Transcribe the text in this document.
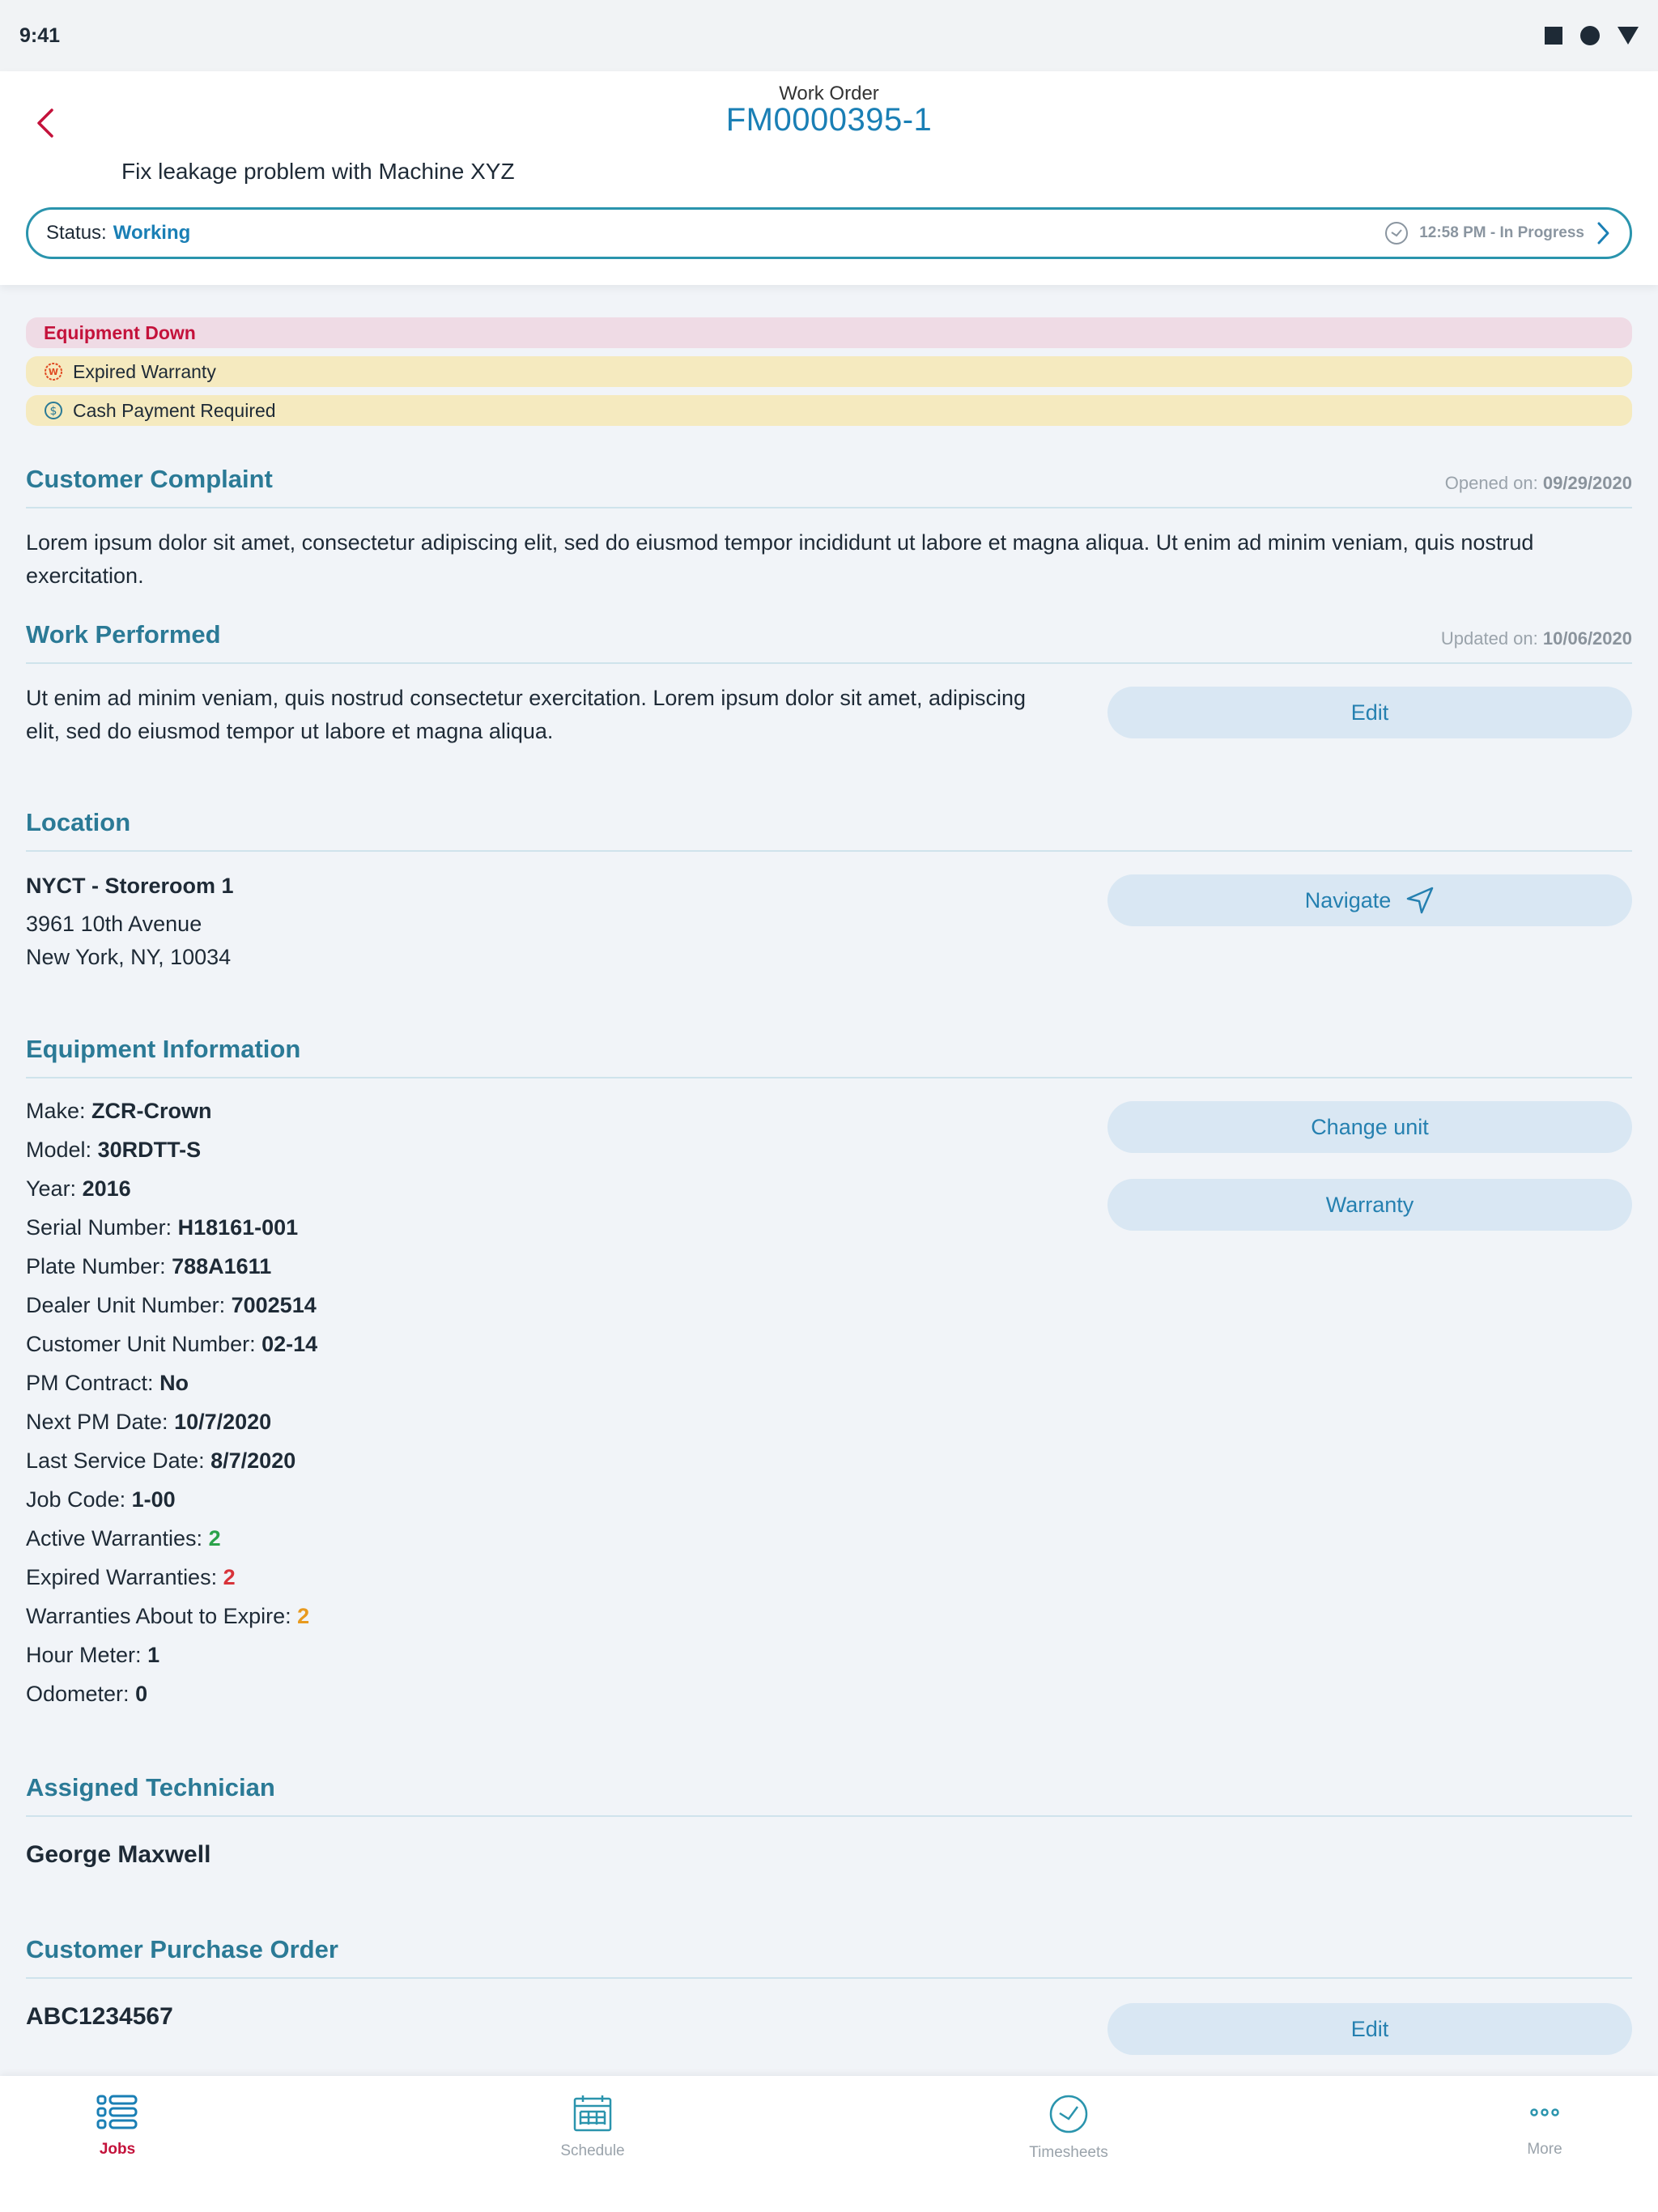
9:41
Work Order
FM0000395-1
Fix leakage problem with Machine XYZ
Status: Working	12:58 PM - In Progress
Equipment Down
W Expired Warranty
$ Cash Payment Required
Customer Complaint	Opened on: 09/29/2020
Lorem ipsum dolor sit amet, consectetur adipiscing elit, sed do eiusmod tempor incididunt ut labore et magna aliqua. Ut enim ad minim veniam, quis nostrud exercitation.
Work Performed	Updated on: 10/06/2020
Ut enim ad minim veniam, quis nostrud consectetur exercitation. Lorem ipsum dolor sit amet, adipiscing
elit, sed do eiusmod tempor ut labore et magna aliqua.
Edit
Location
NYCT - Storeroom 1
3961 10th Avenue
New York, NY, 10034
Navigate
Equipment Information
Make: ZCR-Crown
Model: 30RDTT-S
Year: 2016
Serial Number: H18161-001
Plate Number: 788A1611
Dealer Unit Number: 7002514
Customer Unit Number: 02-14
PM Contract: No
Next PM Date: 10/7/2020
Last Service Date: 8/7/2020
Job Code: 1-00
Active Warranties: 2
Expired Warranties: 2
Warranties About to Expire: 2
Hour Meter: 1
Odometer: 0
Change unit
Warranty
Assigned Technician
George Maxwell
Customer Purchase Order
ABC1234567	Edit
Jobs	Schedule	Timesheets	More
